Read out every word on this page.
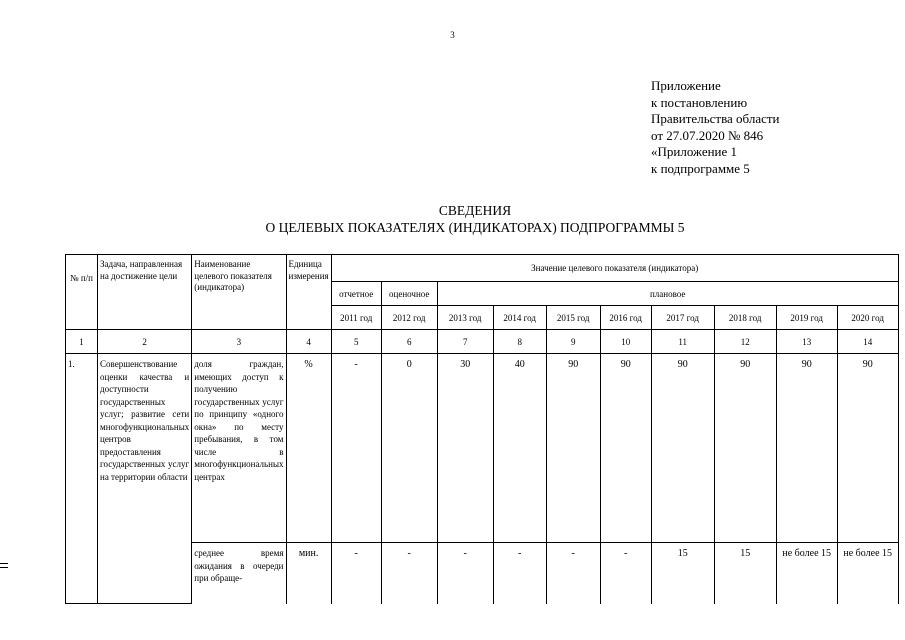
3
Приложение
к постановлению
Правительства области
от 27.07.2020 № 846
«Приложение 1
к подпрограмме 5
СВЕДЕНИЯ
О ЦЕЛЕВЫХ ПОКАЗАТЕЛЯХ (ИНДИКАТОРАХ) ПОДПРОГРАММЫ 5
№ п/п	Задача, направленная на достижение цели	Наименование целевого показателя (индикатора)	Единица измерения	Значение целевого показателя (индикатора)									
				отчетное	оценочное	плановое							
				2011 год	2012 год	2013 год	2014 год	2015 год	2016 год	2017 год	2018 год	2019 год	2020 год
1	2	3	4	5	6	7	8	9	10	11	12	13	14
1.	Совершенствование оценки качества и доступности государственных услуг; развитие сети многофункциональных центров предоставления государственных услуг на территории области	доля граждан, имеющих доступ к получению государственных услуг по принципу «одного окна» по месту пребывания, в том числе в многофункциональных центрах	%	-	0	30	40	90	90	90	90	90	90
		среднее время ожидания в очереди при обраще-	мин.	-	-	-	-	-	-	15	15	не более 15	не более 15
